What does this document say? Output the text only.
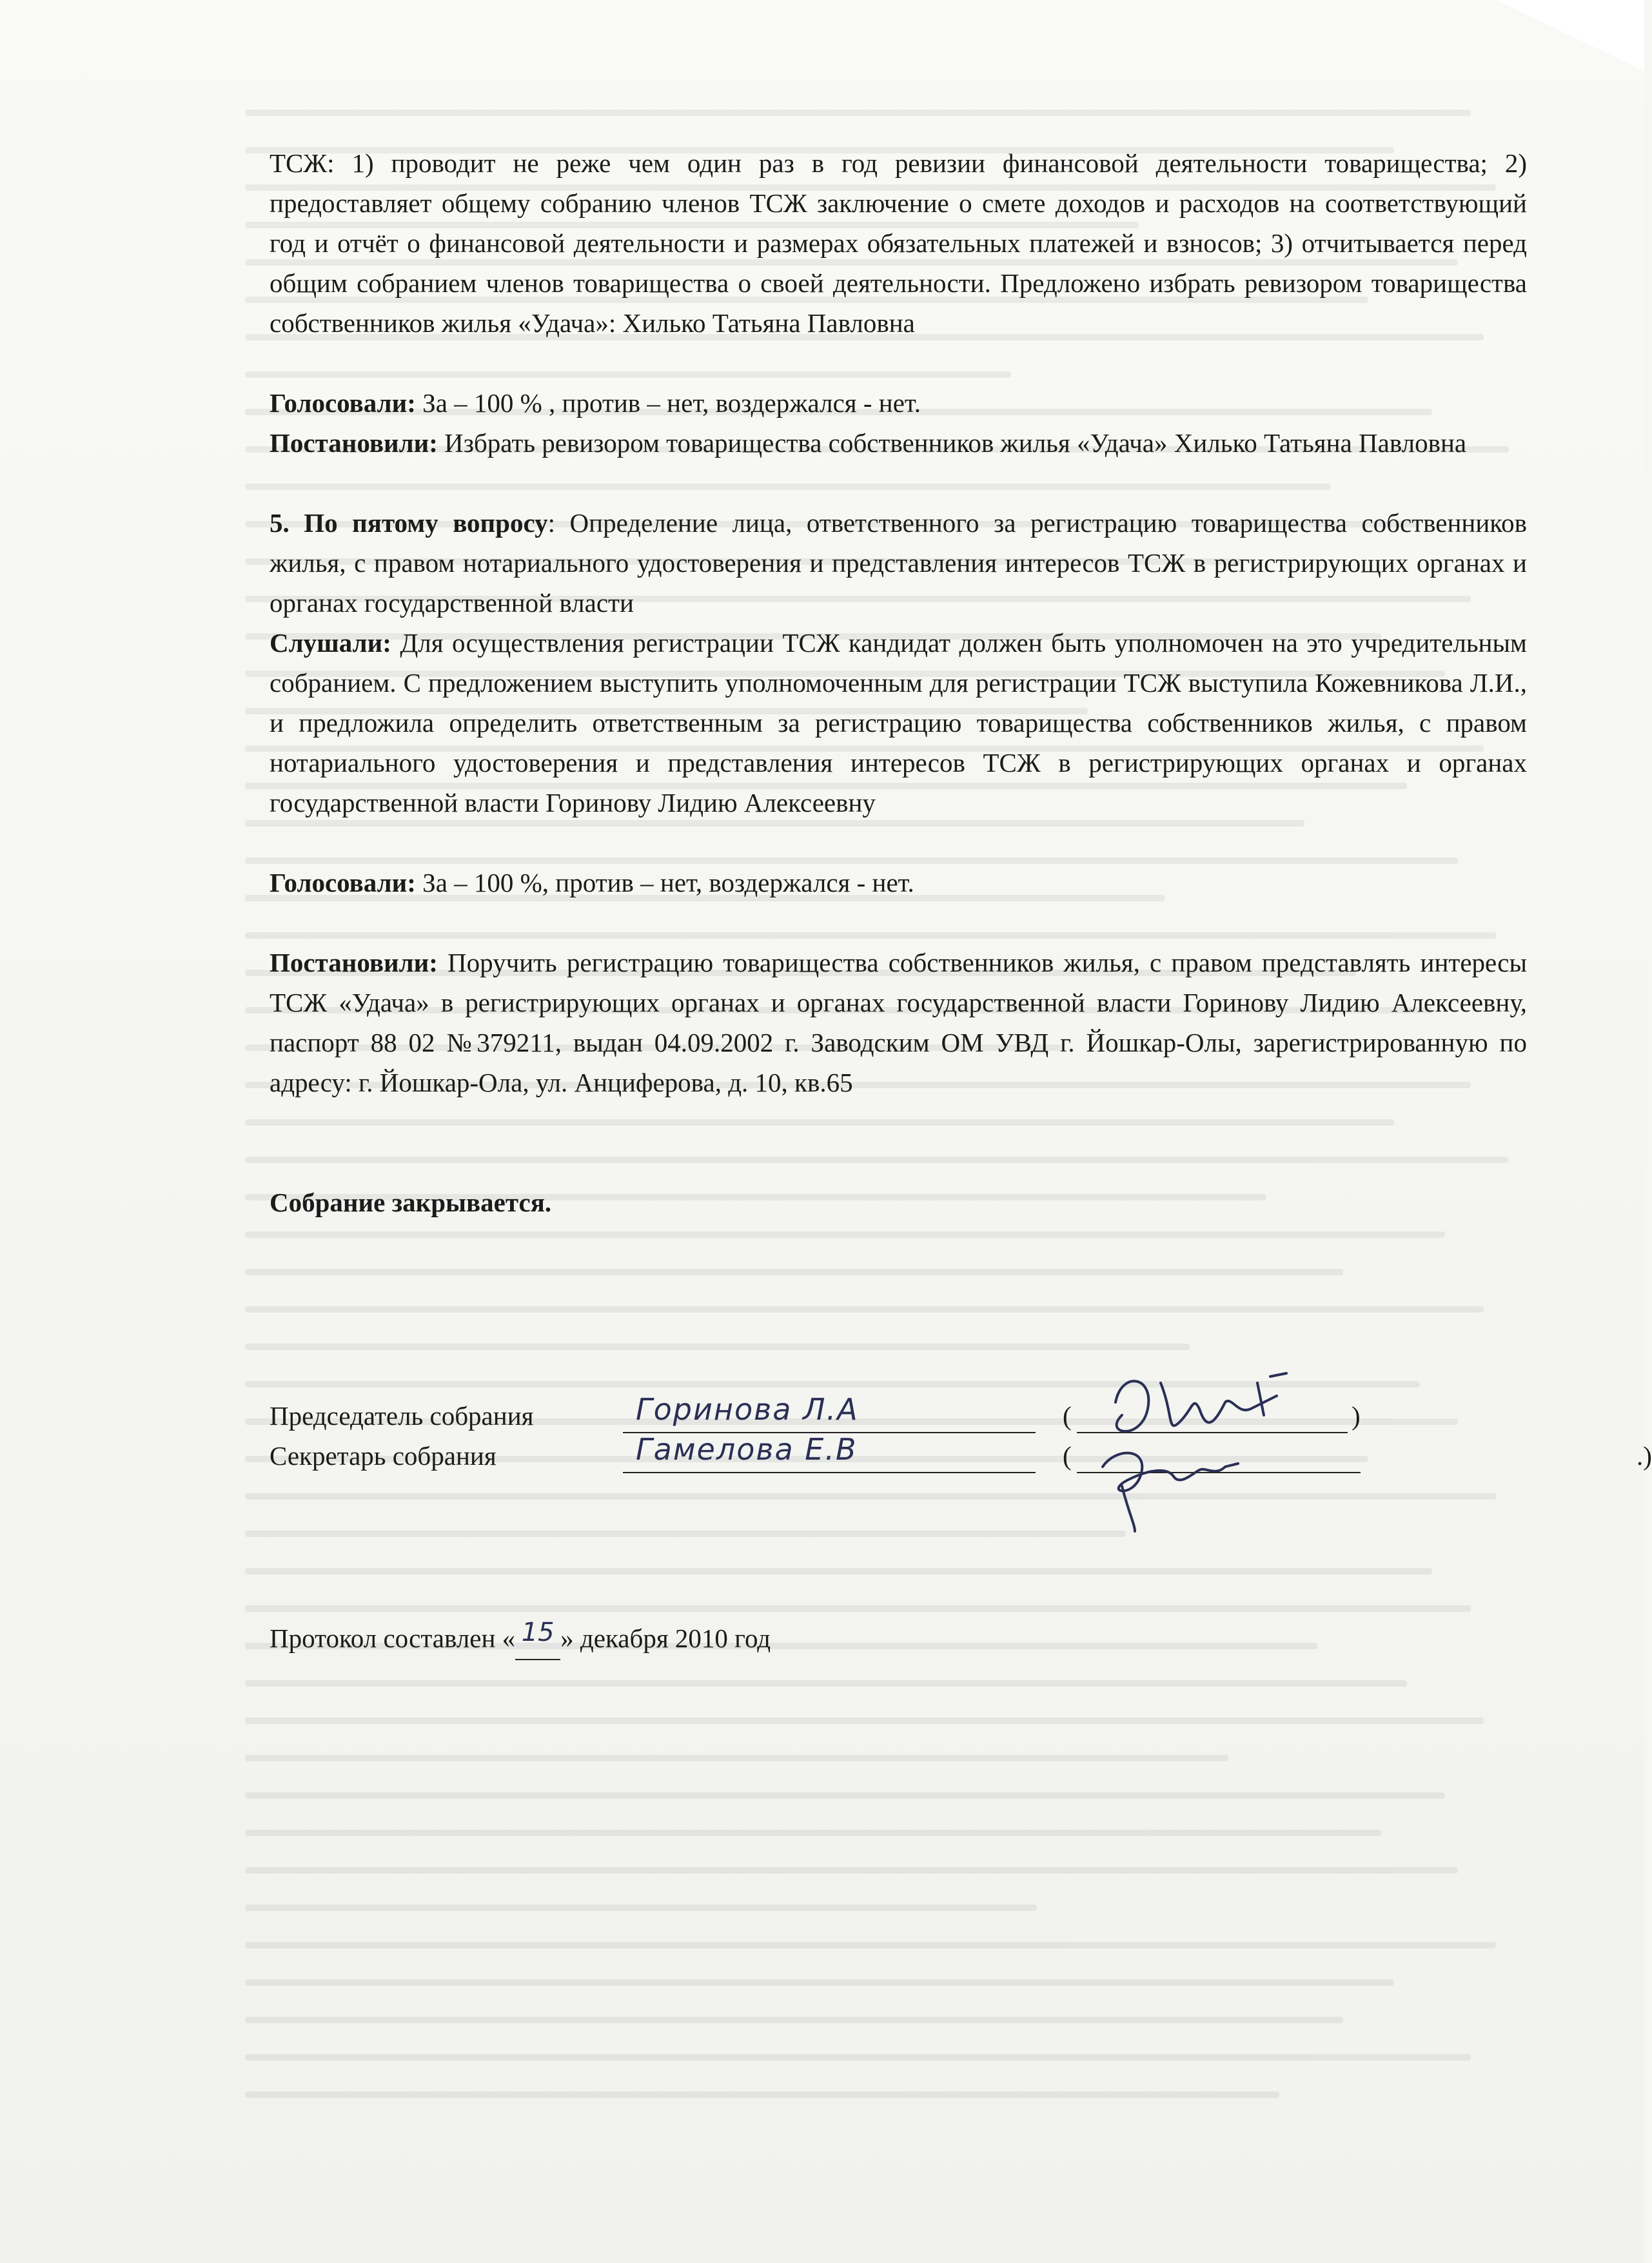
ТСЖ: 1) проводит не реже чем один раз в год ревизии финансовой деятельности товарищества; 2) предоставляет общему собранию членов ТСЖ заключение о смете доходов и расходов на соответствующий год и отчёт о финансовой деятельности и размерах обязательных платежей и взносов; 3) отчитывается перед общим собранием членов товарищества о своей деятельности. Предложено избрать ревизором товарищества собственников жилья «Удача»: Хилько Татьяна Павловна

Голосовали: За – 100 % , против – нет, воздержался - нет.

Постановили: Избрать ревизором товарищества собственников жилья «Удача» Хилько Татьяна Павловна

5. По пятому вопросу: Определение лица, ответственного за регистрацию товарищества собственников жилья, с правом нотариального удостоверения и представления интересов ТСЖ в регистрирующих органах и органах государственной власти

Слушали: Для осуществления регистрации ТСЖ кандидат должен быть уполномочен на это учредительным собранием. С предложением выступить уполномоченным для регистрации ТСЖ выступила Кожевникова Л.И., и предложила определить ответственным за регистрацию товарищества собственников жилья, с правом нотариального удостоверения и представления интересов ТСЖ в регистрирующих органах и органах государственной власти Горинову Лидию Алексеевну

Голосовали: За – 100 %, против – нет, воздержался - нет.

Постановили: Поручить регистрацию товарищества собственников жилья, с правом представлять интересы ТСЖ «Удача» в регистрирующих органах и органах государственной власти Горинову Лидию Алексеевну, паспорт 88 02 №379211, выдан 04.09.2002 г. Заводским ОМ УВД г. Йошкар-Олы, зарегистрированную по адресу: г. Йошкар-Ола, ул. Анциферова, д. 10, кв.65

Собрание закрывается.

Председатель собрания	Горинова Л.А	(	)
Секретарь собрания	Гамелова Е.В	(	.)
Протокол составлен « 15 » декабря 2010 год
